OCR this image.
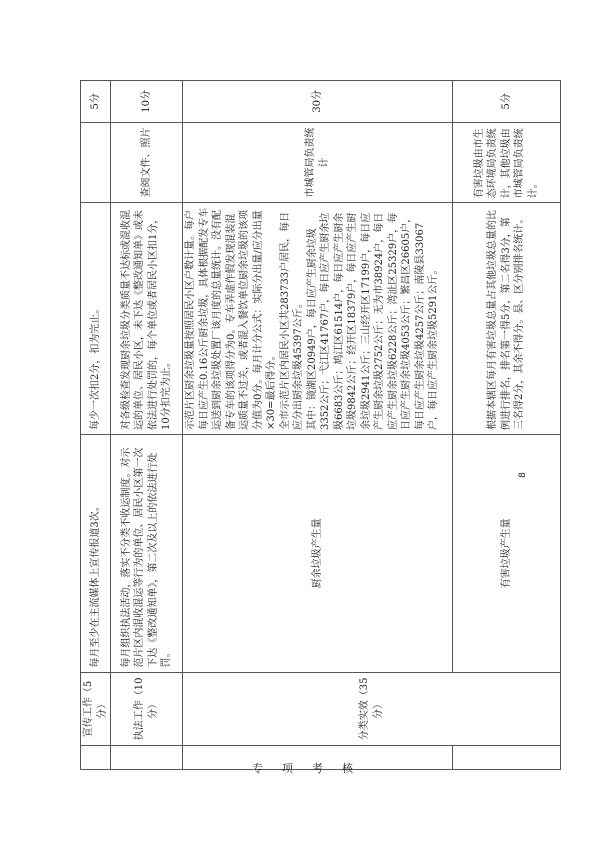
	宣传工作（5分）	每月至少在主流媒体上宣传报道3次。	每少一次扣2分，扣为完止。		5分
	执法工作（10分）	每月组织执法活动，落实不分类不收运制度。对示范片区内混收混运等行为的单位、居民小区第一次下达《整改通知单》，第二次及以上的依法进行处罚。	对各级检查发现厨余垃圾分类质量不达标或混收混运的单位、居民小区，未下达《整改通知单》或未依法进行处罚的，每个单位或者居民小区扣1分，10分扣完为止。	查阅文件、照片	10分
	分类实效（35分）	厨余垃圾产生量	示范片区厨余垃圾量按照居民小区户数计量。每户每日应产生0.16公斤厨余垃圾，具体根据配发专车运送到厨余垃圾处置厂该月度的总量统计。没有配备专车的该项得分为0。专车弄虚作假发现混装混运质量不过关，或者混入餐饮单位厨余垃圾的该项分值为0分。每月计分公式：实际分出量/应分出量×30=最后得分。 全市示范片区内居民小区共283733户居民，每日应分出厨余垃圾45397公斤。 其中：镜湖区20949户，每日应产生厨余垃圾3352公斤；弋江区41767户，每日应产生厨余垃圾6683公斤；鸠江区61514户，每日应产生厨余垃圾9842公斤；经开区18379户，每日应产生厨余垃圾2941公斤；三山经开区17199户，每日应产生厨余垃圾2752公斤；无为市38924户，每日应产生厨余垃圾6228公斤；湾沚区25329户，每日应产生厨余垃圾4053公斤；繁昌区26605户，每日应产生厨余垃圾4257公斤；南陵县33067户，每日应产生厨余垃圾5291公斤。	市城管局负责统计	30分
		有害垃圾产生量	根据本辖区每月有害垃圾总量占其他垃圾总量的比例进行排名，排名第一得5分，第二名得3分，第三名得2分，其余不得分。县、区分别排名统计。	有害垃圾由市生态环境局负责统计，其他垃圾由市城管局负责统计。	5分
专 项 考 核
8
